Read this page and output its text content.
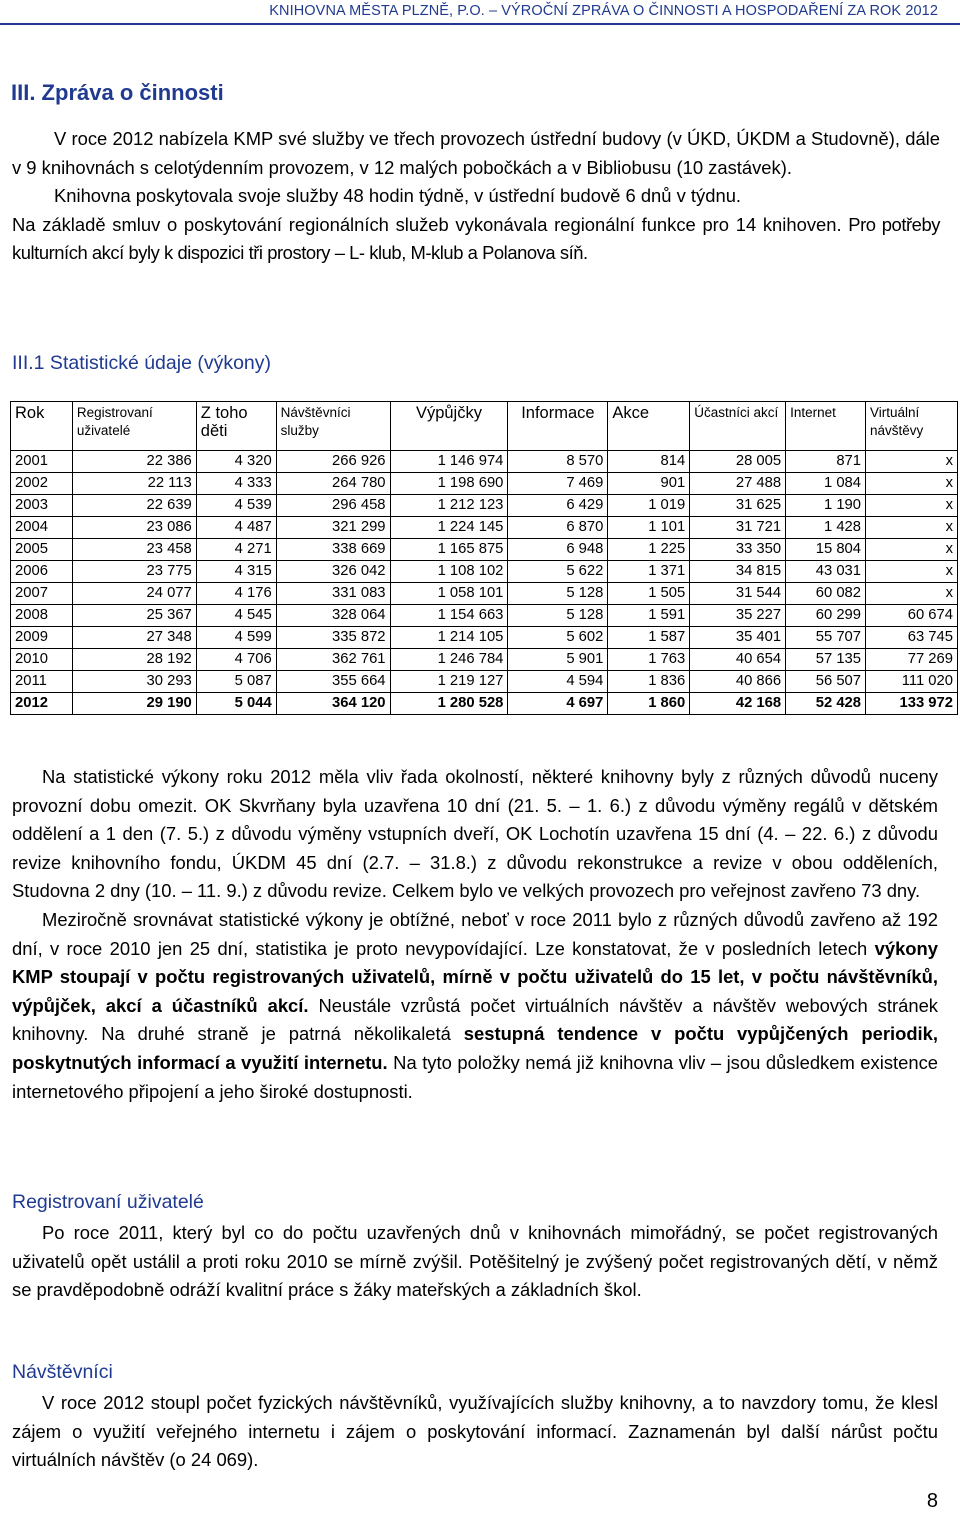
KNIHOVNA MĚSTA PLZNĚ, P.O. – VÝROČNÍ ZPRÁVA O ČINNOSTI A HOSPODAŘENÍ ZA ROK 2012
III. Zpráva o činnosti

V roce 2012 nabízela KMP své služby ve třech provozech ústřední budovy (v ÚKD, ÚKDM a Studovně), dále v 9 knihovnách s celotýdenním provozem, v 12 malých pobočkách a v Bibliobusu (10 zastávek).

Knihovna poskytovala svoje služby 48 hodin týdně, v ústřední budově 6 dnů v týdnu.

Na základě smluv o poskytování regionálních služeb vykonávala regionální funkce pro 14 knihoven. Pro potřeby kulturních akcí byly k dispozici tři prostory – L- klub, M-klub a Polanova síň.

III.1 Statistické údaje (výkony)
Rok	Registrovaní uživatelé	Z toho děti	Návštěvníci služby	Výpůjčky	Informace	Akce	Účastníci akcí	Internet	Virtuální návštěvy
2001	22 386	4 320	266 926	1 146 974	8 570	814	28 005	871	x
2002	22 113	4 333	264 780	1 198 690	7 469	901	27 488	1 084	x
2003	22 639	4 539	296 458	1 212 123	6 429	1 019	31 625	1 190	x
2004	23 086	4 487	321 299	1 224 145	6 870	1 101	31 721	1 428	x
2005	23 458	4 271	338 669	1 165 875	6 948	1 225	33 350	15 804	x
2006	23 775	4 315	326 042	1 108 102	5 622	1 371	34 815	43 031	x
2007	24 077	4 176	331 083	1 058 101	5 128	1 505	31 544	60 082	x
2008	25 367	4 545	328 064	1 154 663	5 128	1 591	35 227	60 299	60 674
2009	27 348	4 599	335 872	1 214 105	5 602	1 587	35 401	55 707	63 745
2010	28 192	4 706	362 761	1 246 784	5 901	1 763	40 654	57 135	77 269
2011	30 293	5 087	355 664	1 219 127	4 594	1 836	40 866	56 507	111 020
2012	29 190	5 044	364 120	1 280 528	4 697	1 860	42 168	52 428	133 972

Na statistické výkony roku 2012 měla vliv řada okolností, některé knihovny byly z různých důvodů nuceny provozní dobu omezit. OK Skvrňany byla uzavřena 10 dní (21. 5. – 1. 6.) z důvodu výměny regálů v dětském oddělení a 1 den (7. 5.) z důvodu výměny vstupních dveří, OK Lochotín uzavřena 15 dní (4. – 22. 6.) z důvodu revize knihovního fondu, ÚKDM 45 dní (2.7. – 31.8.) z důvodu rekonstrukce a revize v obou odděleních, Studovna 2 dny (10. – 11. 9.) z důvodu revize. Celkem bylo ve velkých provozech pro veřejnost zavřeno 73 dny.

Meziročně srovnávat statistické výkony je obtížné, neboť v roce 2011 bylo z různých důvodů zavřeno až 192 dní, v roce 2010 jen 25 dní, statistika je proto nevypovídající. Lze konstatovat, že v posledních letech výkony KMP stoupají v počtu registrovaných uživatelů, mírně v počtu uživatelů do 15 let, v počtu návštěvníků, výpůjček, akcí a účastníků akcí. Neustále vzrůstá počet virtuálních návštěv a návštěv webových stránek knihovny. Na druhé straně je patrná několikaletá sestupná tendence v počtu vypůjčených periodik, poskytnutých informací a využití internetu. Na tyto položky nemá již knihovna vliv – jsou důsledkem existence internetového připojení a jeho široké dostupnosti.

Registrovaní uživatelé

Po roce 2011, který byl co do počtu uzavřených dnů v knihovnách mimořádný, se počet registrovaných uživatelů opět ustálil a proti roku 2010 se mírně zvýšil. Potěšitelný je zvýšený počet registrovaných dětí, v němž se pravděpodobně odráží kvalitní práce s žáky mateřských a základních škol.

Návštěvníci

V roce 2012 stoupl počet fyzických návštěvníků, využívajících služby knihovny, a to navzdory tomu, že klesl zájem o využití veřejného internetu i zájem o poskytování informací. Zaznamenán byl další nárůst počtu virtuálních návštěv (o 24 069).

8
